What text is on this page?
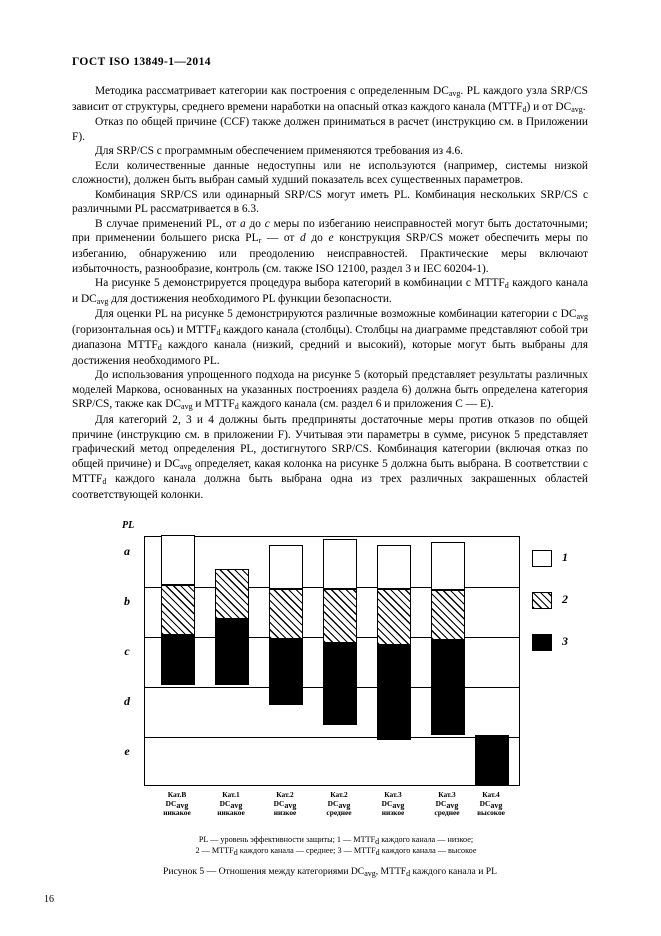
ГОСТ ISO 13849-1—2014

Методика рассматривает категории как построения с определенным $DC_{avg}$. PL каждого узла SRP/CS зависит от структуры, среднего времени наработки на опасный отказ каждого канала $(MTTF_d)$ и от $DC_{avg}$.

Отказ по общей причине (CCF) также должен приниматься в расчет (инструкцию см. в Приложении F).

Для SRP/CS с программным обеспечением применяются требования из 4.6.

Если количественные данные недоступны или не используются (например, системы низкой сложности), должен быть выбран самый худший показатель всех существенных параметров.

Комбинация SRP/CS или одинарный SRP/CS могут иметь PL. Комбинация нескольких SRP/CS с различными PL рассматривается в 6.3.

В случае применений PL, от a до c меры по избеганию неисправностей могут быть достаточными; при применении большего риска $PL_r$ — от d до e конструкция SRP/CS может обеспечить меры по избеганию, обнаружению или преодолению неисправностей. Практические меры включают избыточность, разнообразие, контроль (см. также ISO 12100, раздел 3 и IEC 60204-1).

На рисунке 5 демонстрируется процедура выбора категорий в комбинации с $MTTF_d$ каждого канала и $DC_{avg}$ для достижения необходимого PL функции безопасности.

Для оценки PL на рисунке 5 демонстрируются различные возможные комбинации категории с $DC_{avg}$ (горизонтальная ось) и $MTTF_d$ каждого канала (столбцы). Столбцы на диаграмме представляют собой три диапазона $MTTF_d$ каждого канала (низкий, средний и высокий), которые могут быть выбраны для достижения необходимого PL.

До использования упрощенного подхода на рисунке 5 (который представляет результаты различных моделей Маркова, основанных на указанных построениях раздела 6) должна быть определена категория SRP/CS, также как $DC_{avg}$ и $MTTF_d$ каждого канала (см. раздел 6 и приложения С — Е).

Для категорий 2, 3 и 4 должны быть предприняты достаточные меры против отказов по общей причине (инструкцию см. в приложении F). Учитывая эти параметры в сумме, рисунок 5 представляет графический метод определения PL, достигнутого SRP/CS. Комбинация категории (включая отказ по общей причине) и $DC_{avg}$ определяет, какая колонка на рисунке 5 должна быть выбрана. В соответствии с $MTTF_d$ каждого канала должна быть выбрана одна из трех различных закрашенных областей соответствующей колонки.

PL
a
b
c
d
e
Кат.B
$DC_{avg}$
никакое
Кат.1
$DC_{avg}$
никакое
Кат.2
$DC_{avg}$
низкое
Кат.2
$DC_{avg}$
среднее
Кат.3
$DC_{avg}$
низкое
Кат.3
$DC_{avg}$
среднее
Кат.4
$DC_{avg}$
высокое
1
2
3
PL — уровень эффективности защиты; 1 — $MTTF_d$ каждого канала — низкое;
2 — $MTTF_d$ каждого канала — среднее; 3 — $MTTF_d$ каждого канала — высокое
Рисунок 5 — Отношения между категориями $DC_{avg}$, $MTTF_d$ каждого канала и PL
16
